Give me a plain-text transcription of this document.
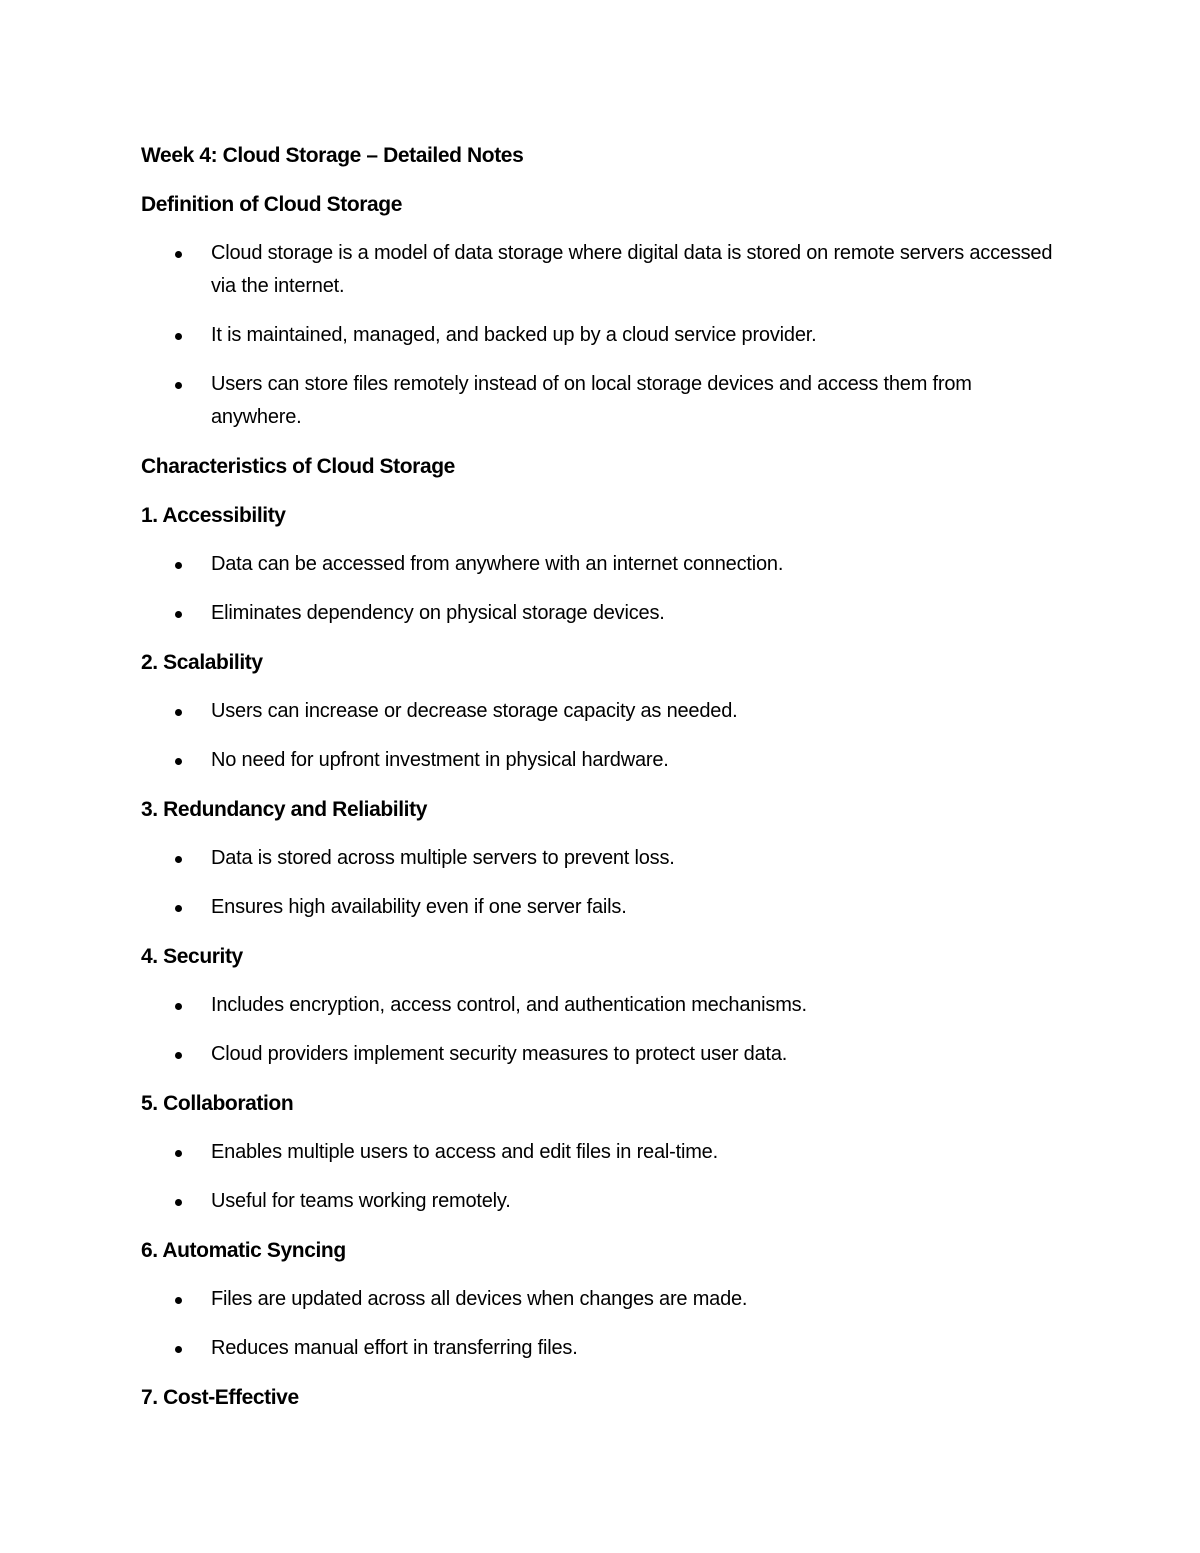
Week 4: Cloud Storage – Detailed Notes
Definition of Cloud Storage
Cloud storage is a model of data storage where digital data is stored on remote servers accessed via the internet.
It is maintained, managed, and backed up by a cloud service provider.
Users can store files remotely instead of on local storage devices and access them from anywhere.
Characteristics of Cloud Storage
1. Accessibility
Data can be accessed from anywhere with an internet connection.
Eliminates dependency on physical storage devices.
2. Scalability
Users can increase or decrease storage capacity as needed.
No need for upfront investment in physical hardware.
3. Redundancy and Reliability
Data is stored across multiple servers to prevent loss.
Ensures high availability even if one server fails.
4. Security
Includes encryption, access control, and authentication mechanisms.
Cloud providers implement security measures to protect user data.
5. Collaboration
Enables multiple users to access and edit files in real-time.
Useful for teams working remotely.
6. Automatic Syncing
Files are updated across all devices when changes are made.
Reduces manual effort in transferring files.
7. Cost-Effective
